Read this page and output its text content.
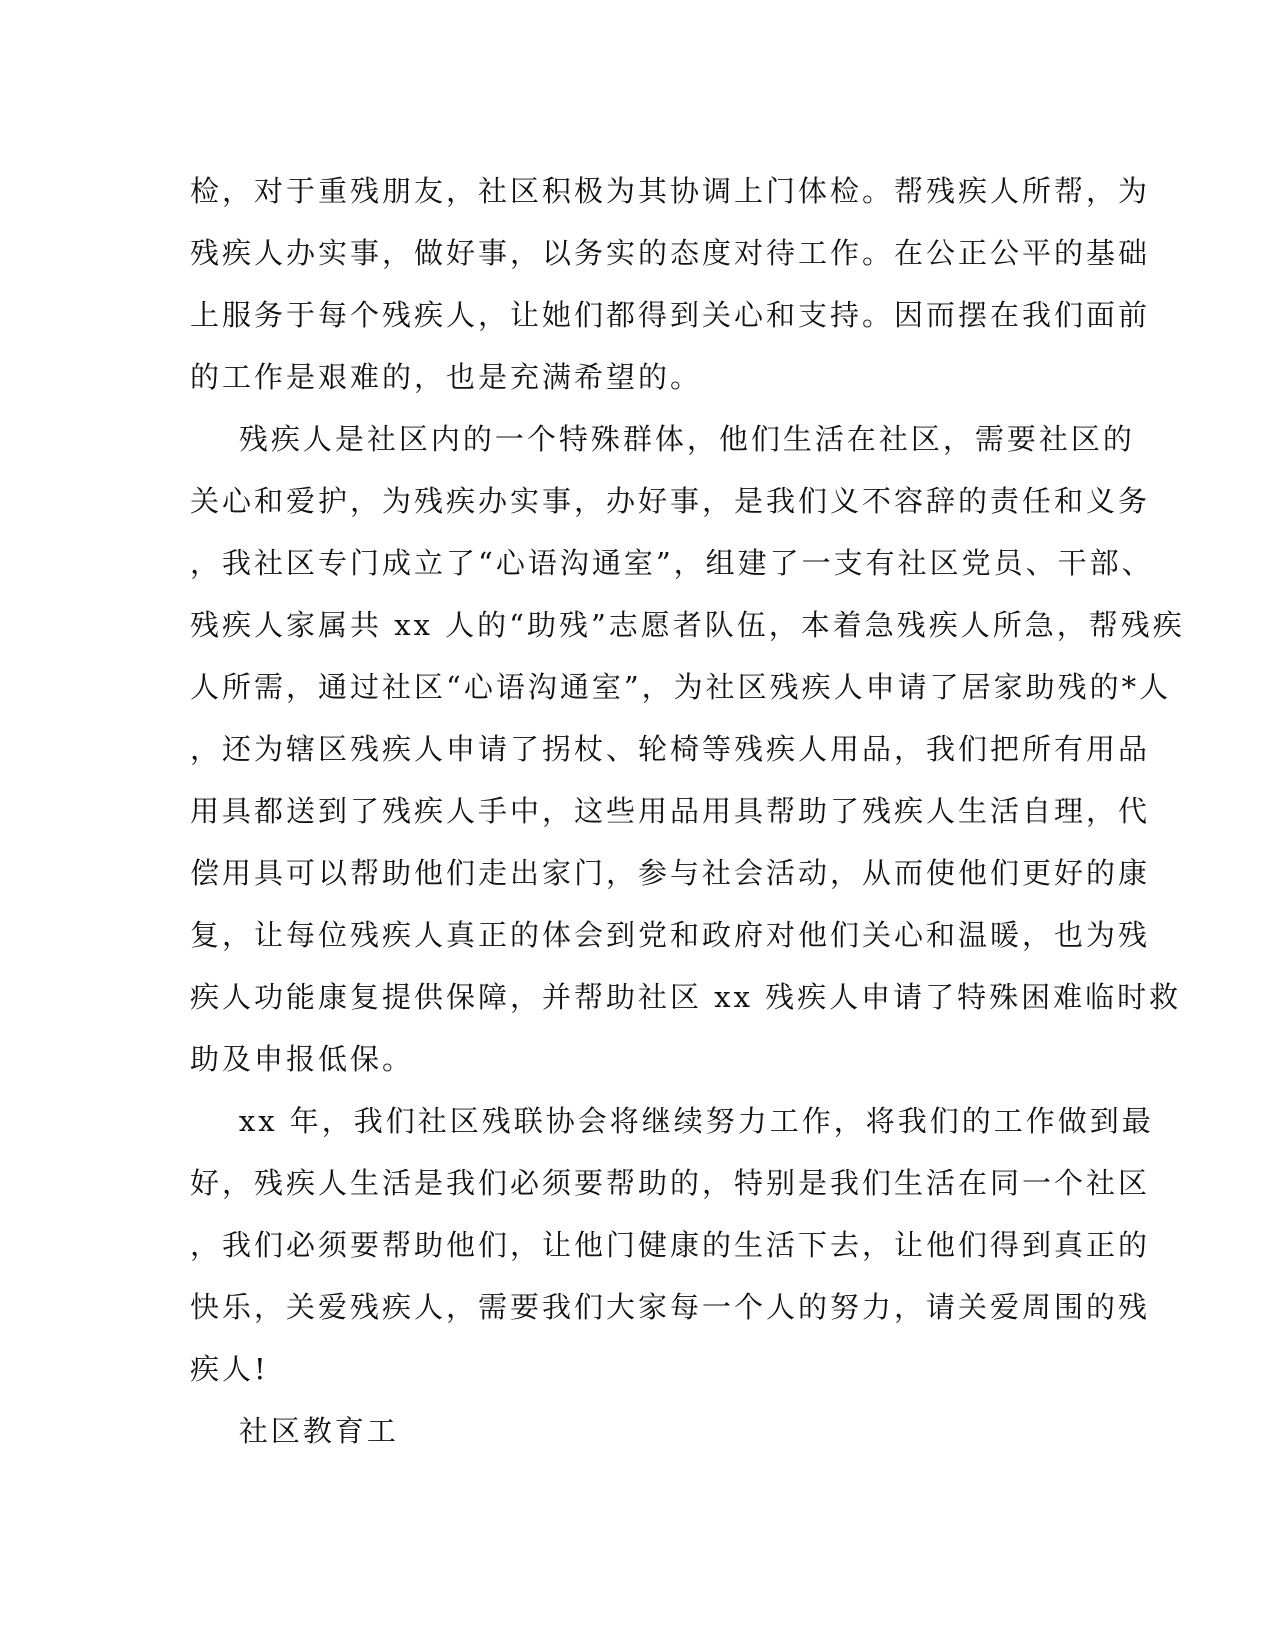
检，对于重残朋友，社区积极为其协调上门体检。帮残疾人所帮，为
残疾人办实事，做好事，以务实的态度对待工作。在公正公平的基础
上服务于每个残疾人，让她们都得到关心和支持。因而摆在我们面前
的工作是艰难的，也是充满希望的。
残疾人是社区内的一个特殊群体，他们生活在社区，需要社区的
关心和爱护，为残疾办实事，办好事，是我们义不容辞的责任和义务
，我社区专门成立了“心语沟通室”，组建了一支有社区党员、干部、
残疾人家属共 xx 人的“助残”志愿者队伍，本着急残疾人所急，帮残疾
人所需，通过社区“心语沟通室”，为社区残疾人申请了居家助残的*人
，还为辖区残疾人申请了拐杖、轮椅等残疾人用品，我们把所有用品
用具都送到了残疾人手中，这些用品用具帮助了残疾人生活自理，代
偿用具可以帮助他们走出家门，参与社会活动，从而使他们更好的康
复，让每位残疾人真正的体会到党和政府对他们关心和温暖，也为残
疾人功能康复提供保障，并帮助社区 xx 残疾人申请了特殊困难临时救
助及申报低保。
xx 年，我们社区残联协会将继续努力工作，将我们的工作做到最
好，残疾人生活是我们必须要帮助的，特别是我们生活在同一个社区
，我们必须要帮助他们，让他门健康的生活下去，让他们得到真正的
快乐，关爱残疾人，需要我们大家每一个人的努力，请关爱周围的残
疾人!
社区教育工
